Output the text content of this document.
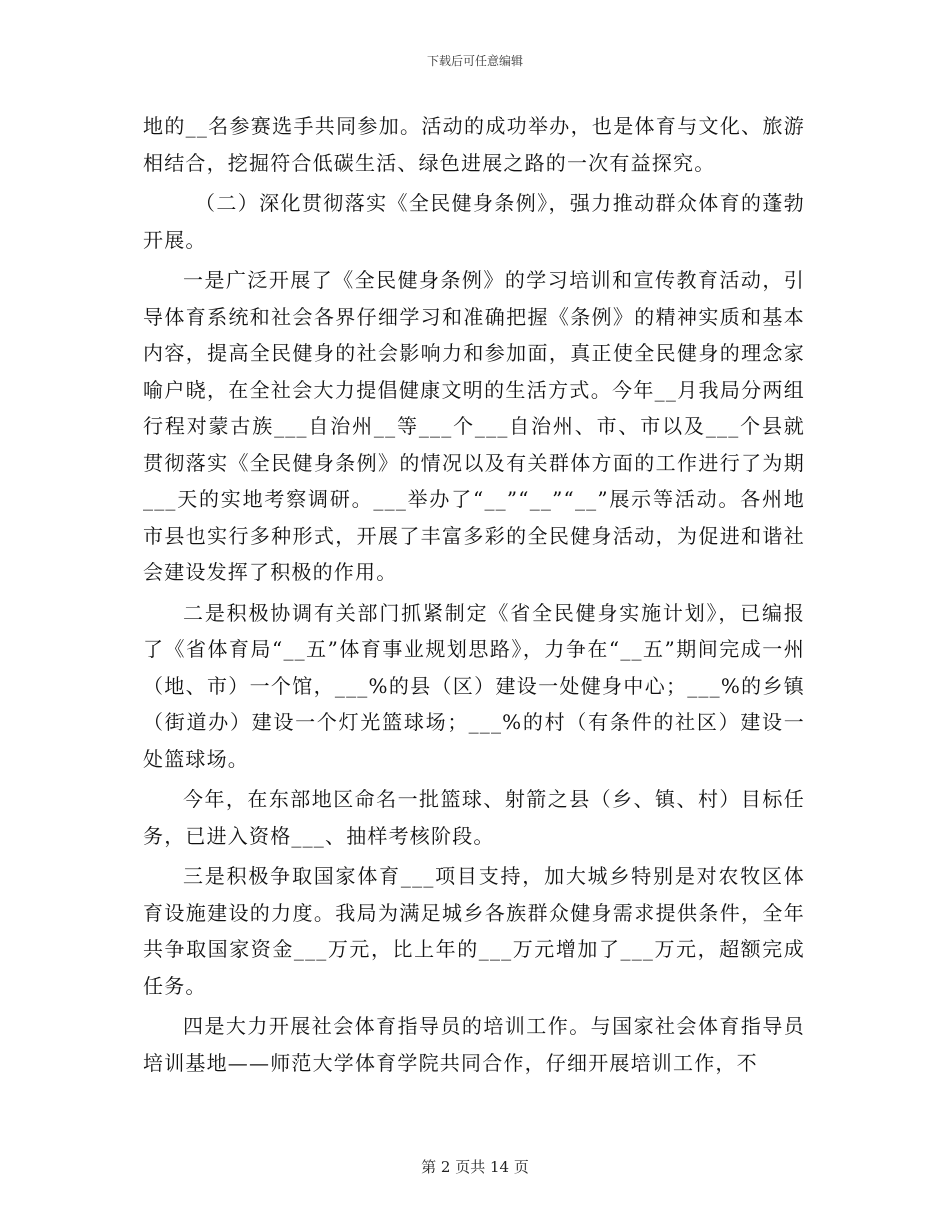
下载后可任意编辑

地的__名参赛选手共同参加。活动的成功举办，也是体育与文化、旅游相结合，挖掘符合低碳生活、绿色进展之路的一次有益探究。

（二）深化贯彻落实《全民健身条例》，强力推动群众体育的蓬勃开展。

一是广泛开展了《全民健身条例》的学习培训和宣传教育活动，引导体育系统和社会各界仔细学习和准确把握《条例》的精神实质和基本内容，提高全民健身的社会影响力和参加面，真正使全民健身的理念家喻户晓，在全社会大力提倡健康文明的生活方式。今年__月我局分两组行程对蒙古族___自治州__等___个___自治州、市、市以及___个县就贯彻落实《全民健身条例》的情况以及有关群体方面的工作进行了为期___天的实地考察调研。___举办了“__”“__”“__”展示等活动。各州地市县也实行多种形式，开展了丰富多彩的全民健身活动，为促进和谐社会建设发挥了积极的作用。

二是积极协调有关部门抓紧制定《省全民健身实施计划》，已编报了《省体育局“__五”体育事业规划思路》，力争在“__五”期间完成一州（地、市）一个馆，___%的县（区）建设一处健身中心；___%的乡镇（街道办）建设一个灯光篮球场；___%的村（有条件的社区）建设一处篮球场。

今年，在东部地区命名一批篮球、射箭之县（乡、镇、村）目标任务，已进入资格___、抽样考核阶段。

三是积极争取国家体育___项目支持，加大城乡特别是对农牧区体育设施建设的力度。我局为满足城乡各族群众健身需求提供条件，全年共争取国家资金___万元，比上年的___万元增加了___万元，超额完成任务。

四是大力开展社会体育指导员的培训工作。与国家社会体育指导员培训基地——师范大学体育学院共同合作，仔细开展培训工作，不

第 2 页共 14 页
